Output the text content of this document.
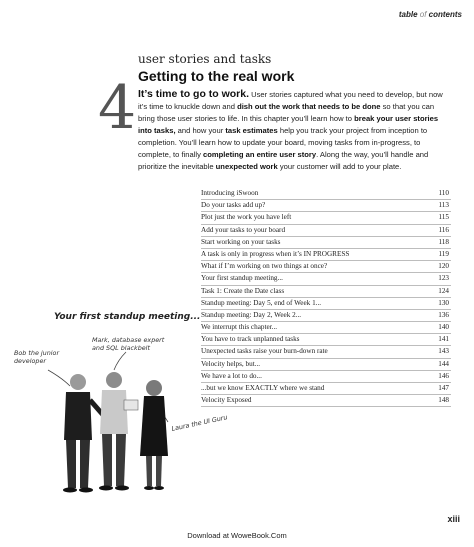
table of contents
4
user stories and tasks
Getting to the real work
It’s time to go to work. User stories captured what you need to develop, but now it’s time to knuckle down and dish out the work that needs to be done so that you can bring those user stories to life. In this chapter you’ll learn how to break your user stories into tasks, and how your task estimates help you track your project from inception to completion. You’ll learn how to update your board, moving tasks from in-progress, to complete, to finally completing an entire user story. Along the way, you’ll handle and prioritize the inevitable unexpected work your customer will add to your plate.
Introducing iSwoon	110
Do your tasks add up?	113
Plot just the work you have left	115
Add your tasks to your board	116
Start working on your tasks	118
A task is only in progress when it’s IN PROGRESS	119
What if I’m working on two things at once?	120
Your first standup meeting...	123
Task 1: Create the Date class	124
Standup meeting: Day 5, end of Week 1...	130
Standup meeting: Day 2, Week 2...	136
We interrupt this chapter...	140
You have to track unplanned tasks	141
Unexpected tasks raise your burn-down rate	143
Velocity helps, but...	144
We have a lot to do...	146
...but we know EXACTLY where we stand	147
Velocity Exposed	148
Your first standup meeting...
Bob the junior
developer
Mark, database expert
and SQL blackbelt
Laura the UI Guru
xiii
Download at WoweBook.Com
